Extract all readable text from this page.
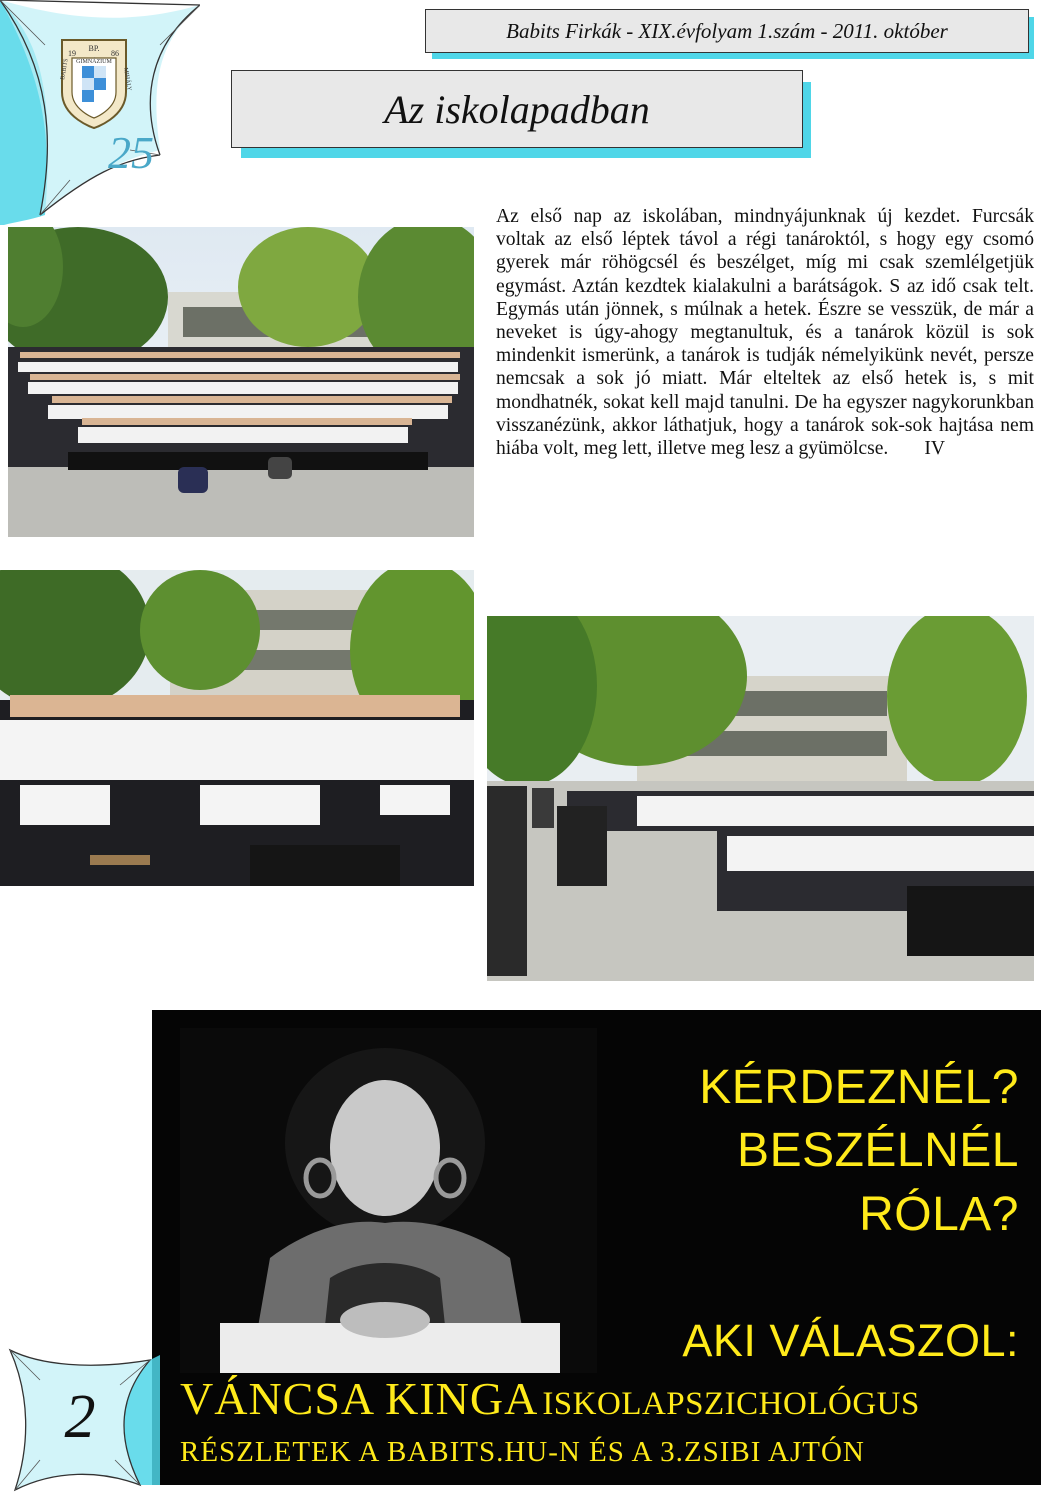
BP.
19	86
GIMNÁZIUM
BABITS	MIHÁLY
25
Babits Firkák - XIX.évfolyam 1.szám - 2011. október
Az iskolapadban
Az első nap az iskolában, mindnyájunknak új kezdet. Furcsák voltak az első léptek távol a régi tanároktól, s hogy egy csomó gyerek már röhögcsél és beszélget, míg mi csak szemlélgetjük egymást. Aztán kezdtek kialakulni a barátságok. S az idő csak telt. Egymás után jönnek, s múlnak a hetek. Észre se vesszük, de már a neveket is úgy-ahogy megtanultuk, és a tanárok közül is sok mindenkit ismerünk, a tanárok is tudják némelyikünk nevét, persze nemcsak a sok jó miatt. Már elteltek az első hetek is, s mit mondhatnék, sokat kell majd tanulni. De ha egyszer nagykorunkban visszanézünk, akkor láthatjuk, hogy a tanárok sok-sok hajtása nem hiába volt, meg lett, illetve meg lesz a gyümölcse. IV
KÉRDEZNÉL?
BESZÉLNÉL
RÓLA?
AKI VÁLASZOL:
VÁNCSA KINGA ISKOLAPSZICHOLÓGUS
RÉSZLETEK A BABITS.HU-N ÉS A 3.ZSIBI AJTÓN
2
